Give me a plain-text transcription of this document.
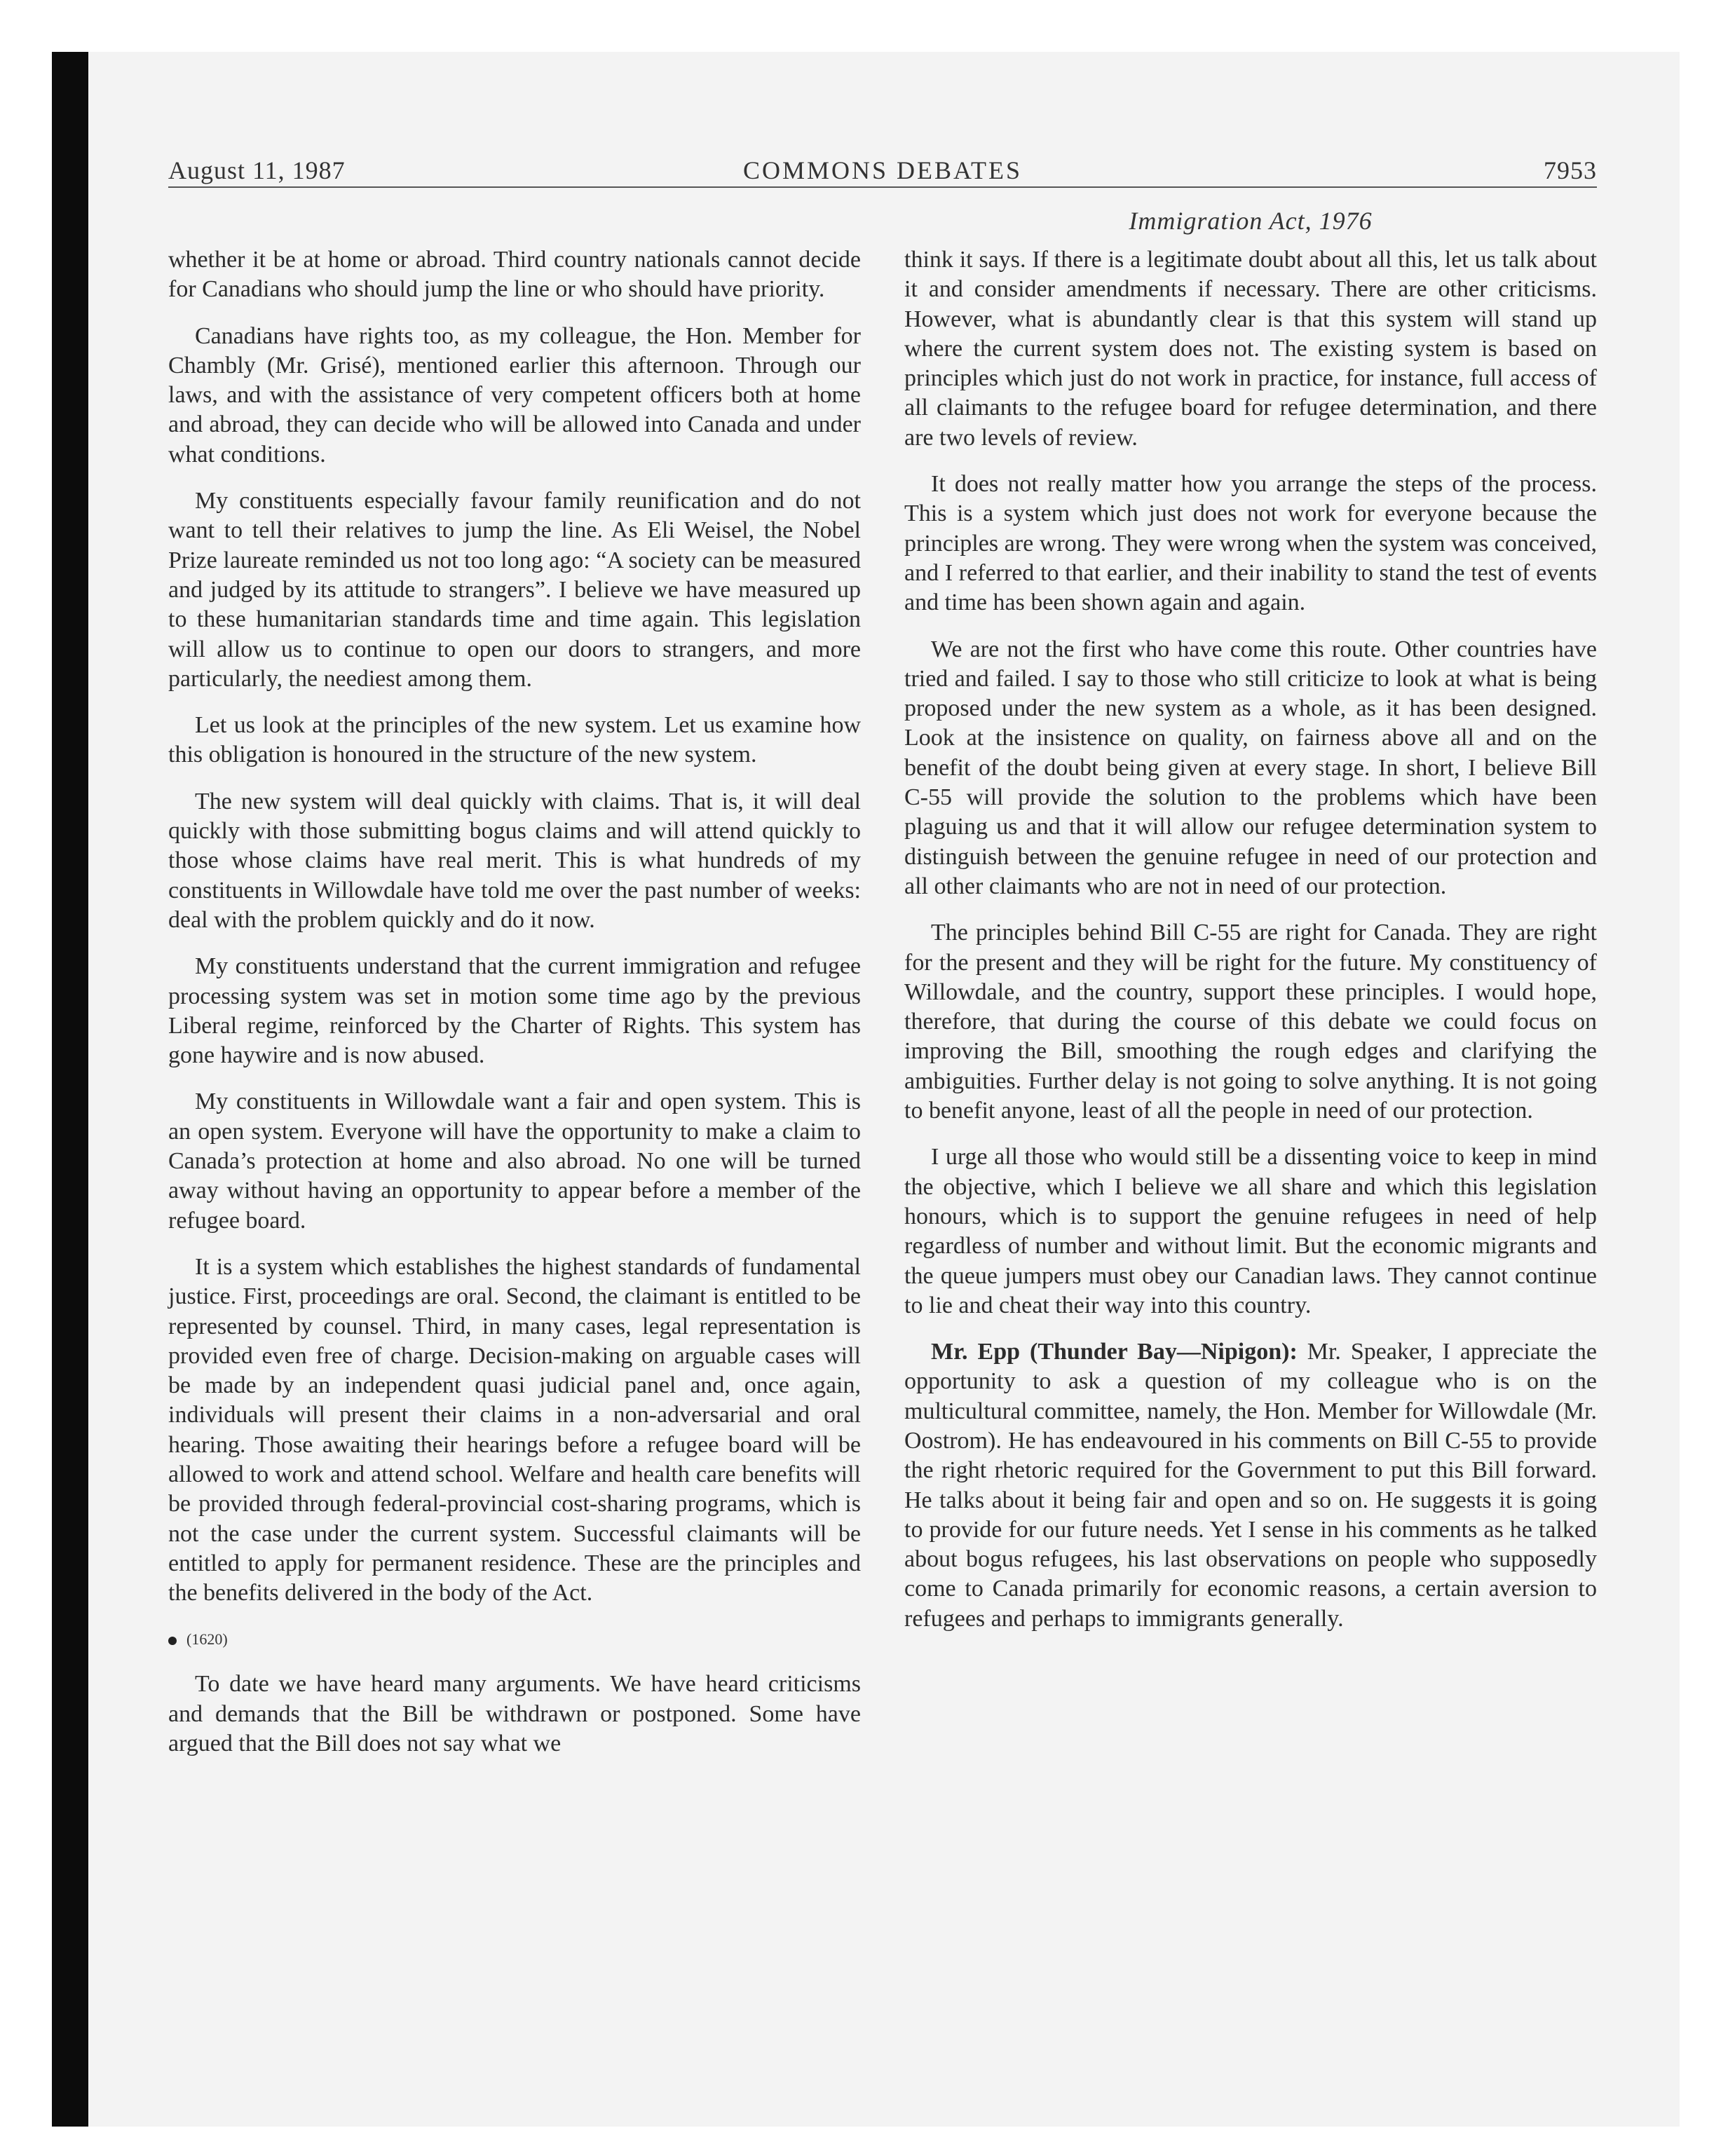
August 11, 1987	COMMONS DEBATES	7953
Immigration Act, 1976

whether it be at home or abroad. Third country nationals cannot decide for Canadians who should jump the line or who should have priority.

Canadians have rights too, as my colleague, the Hon. Member for Chambly (Mr. Grisé), mentioned earlier this afternoon. Through our laws, and with the assistance of very competent officers both at home and abroad, they can decide who will be allowed into Canada and under what conditions.

My constituents especially favour family reunification and do not want to tell their relatives to jump the line. As Eli Weisel, the Nobel Prize laureate reminded us not too long ago: “A society can be measured and judged by its attitude to strangers”. I believe we have measured up to these humanitarian standards time and time again. This legislation will allow us to continue to open our doors to strangers, and more particularly, the neediest among them.

Let us look at the principles of the new system. Let us examine how this obligation is honoured in the structure of the new system.

The new system will deal quickly with claims. That is, it will deal quickly with those submitting bogus claims and will attend quickly to those whose claims have real merit. This is what hundreds of my constituents in Willowdale have told me over the past number of weeks: deal with the problem quickly and do it now.

My constituents understand that the current immigration and refugee processing system was set in motion some time ago by the previous Liberal regime, reinforced by the Charter of Rights. This system has gone haywire and is now abused.

My constituents in Willowdale want a fair and open system. This is an open system. Everyone will have the opportunity to make a claim to Canada’s protection at home and also abroad. No one will be turned away without having an opportunity to appear before a member of the refugee board.

It is a system which establishes the highest standards of fundamental justice. First, proceedings are oral. Second, the claimant is entitled to be represented by counsel. Third, in many cases, legal representation is provided even free of charge. Decision-making on arguable cases will be made by an independent quasi judicial panel and, once again, individuals will present their claims in a non-adversarial and oral hearing. Those awaiting their hearings before a refugee board will be allowed to work and attend school. Welfare and health care benefits will be provided through federal-provincial cost-sharing programs, which is not the case under the current system. Successful claimants will be entitled to apply for permanent residence. These are the principles and the benefits delivered in the body of the Act.

(1620)

To date we have heard many arguments. We have heard criticisms and demands that the Bill be withdrawn or postponed. Some have argued that the Bill does not say what we

think it says. If there is a legitimate doubt about all this, let us talk about it and consider amendments if necessary. There are other criticisms. However, what is abundantly clear is that this system will stand up where the current system does not. The existing system is based on principles which just do not work in practice, for instance, full access of all claimants to the refugee board for refugee determination, and there are two levels of review.

It does not really matter how you arrange the steps of the process. This is a system which just does not work for everyone because the principles are wrong. They were wrong when the system was conceived, and I referred to that earlier, and their inability to stand the test of events and time has been shown again and again.

We are not the first who have come this route. Other countries have tried and failed. I say to those who still criticize to look at what is being proposed under the new system as a whole, as it has been designed. Look at the insistence on quality, on fairness above all and on the benefit of the doubt being given at every stage. In short, I believe Bill C-55 will provide the solution to the problems which have been plaguing us and that it will allow our refugee determination system to distinguish between the genuine refugee in need of our protection and all other claimants who are not in need of our protection.

The principles behind Bill C-55 are right for Canada. They are right for the present and they will be right for the future. My constituency of Willowdale, and the country, support these principles. I would hope, therefore, that during the course of this debate we could focus on improving the Bill, smoothing the rough edges and clarifying the ambiguities. Further delay is not going to solve anything. It is not going to benefit anyone, least of all the people in need of our protection.

I urge all those who would still be a dissenting voice to keep in mind the objective, which I believe we all share and which this legislation honours, which is to support the genuine refugees in need of help regardless of number and without limit. But the economic migrants and the queue jumpers must obey our Canadian laws. They cannot continue to lie and cheat their way into this country.

Mr. Epp (Thunder Bay—Nipigon): Mr. Speaker, I appreciate the opportunity to ask a question of my colleague who is on the multicultural committee, namely, the Hon. Member for Willowdale (Mr. Oostrom). He has endeavoured in his comments on Bill C-55 to provide the right rhetoric required for the Government to put this Bill forward. He talks about it being fair and open and so on. He suggests it is going to provide for our future needs. Yet I sense in his comments as he talked about bogus refugees, his last observations on people who supposedly come to Canada primarily for economic reasons, a certain aversion to refugees and perhaps to immigrants generally.
